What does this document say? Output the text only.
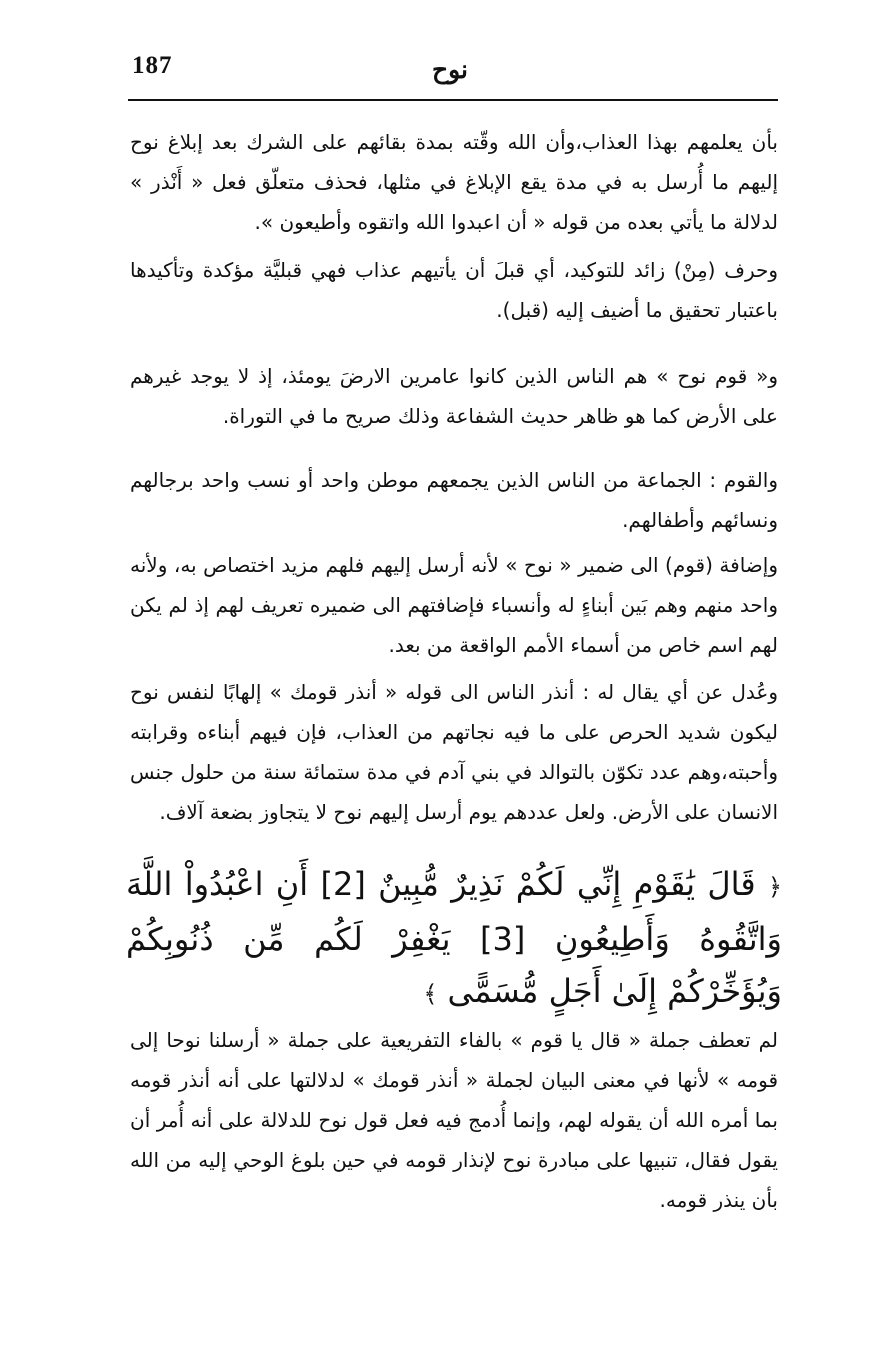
187	نوح

بأن يعلمهم بهذا العذاب،وأن الله وقّته بمدة بقائهم على الشرك بعد إبلاغ نوح إليهم ما أُرسل به في مدة يقع الإبلاغ في مثلها، فحذف متعلّق فعل « أَنْذر » لدلالة ما يأتي بعده من قوله « أن اعبدوا الله واتقوه وأطيعون ».

وحرف (مِنْ) زائد للتوكيد، أي قبلَ أن يأتيهم عذاب فهي قبليَّة مؤكدة وتأكيدها باعتبار تحقيق ما أضيف إليه (قبل).

و« قوم نوح » هم الناس الذين كانوا عامرين الارضَ يومئذ، إذ لا يوجد غيرهم على الأرض كما هو ظاهر حديث الشفاعة وذلك صريح ما في التوراة.

والقوم : الجماعة من الناس الذين يجمعهم موطن واحد أو نسب واحد برجالهم ونسائهم وأطفالهم.

وإضافة (قوم) الى ضمير « نوح » لأنه أرسل إليهم فلهم مزيد اختصاص به، ولأنه واحد منهم وهم بَين أبناءٍ له وأنسباء فإضافتهم الى ضميره تعريف لهم إذ لم يكن لهم اسم خاص من أسماء الأمم الواقعة من بعد.

وعُدل عن أي يقال له : أنذر الناس الى قوله « أنذر قومك » إلهابًا لنفس نوح ليكون شديد الحرص على ما فيه نجاتهم من العذاب، فإن فيهم أبناءه وقرابته وأحبته،وهم عدد تكوّن بالتوالد في بني آدم في مدة ستمائة سنة من حلول جنس الانسان على الأرض. ولعل عددهم يوم أرسل إليهم نوح لا يتجاوز بضعة آلاف.

﴿ قَالَ يَٰقَوْمِ إِنِّي لَكُمْ نَذِيرٌ مُّبِينٌ [2] أَنِ اعْبُدُواْ اللَّهَ وَاتَّقُوهُ وَأَطِيعُونِ [3] يَغْفِرْ لَكُم مِّن ذُنُوبِكُمْ وَيُؤَخِّرْكُمْ إِلَىٰ أَجَلٍ مُّسَمًّى ﴾

لم تعطف جملة « قال يا قوم » بالفاء التفريعية على جملة « أرسلنا نوحا إلى قومه » لأنها في معنى البيان لجملة « أنذر قومك » لدلالتها على أنه أنذر قومه بما أمره الله أن يقوله لهم، وإنما أُدمج فيه فعل قول نوح للدلالة على أنه أُمر أن يقول فقال، تنبيها على مبادرة نوح لإنذار قومه في حين بلوغ الوحي إليه من الله بأن ينذر قومه.
